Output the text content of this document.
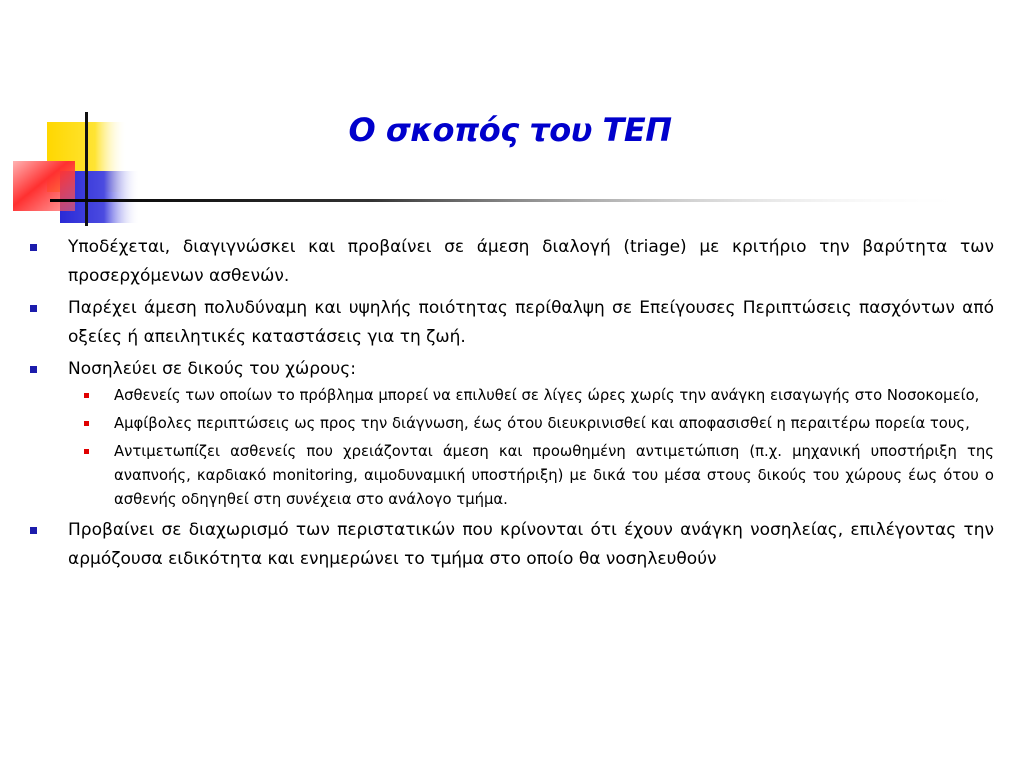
Ο σκοπός του ΤΕΠ
Υποδέχεται, διαγιγνώσκει και προβαίνει σε άμεση διαλογή (triage) με κριτήριο την βαρύτητα των προσερχόμενων ασθενών.
Παρέχει άμεση πολυδύναμη και υψηλής ποιότητας περίθαλψη σε Επείγουσες Περιπτώσεις πασχόντων από οξείες ή απειλητικές καταστάσεις για τη ζωή.
Νοσηλεύει σε δικούς του χώρους:
Ασθενείς των οποίων το πρόβλημα μπορεί να επιλυθεί σε λίγες ώρες χωρίς την ανάγκη εισαγωγής στο Νοσοκομείο,
Αμφίβολες περιπτώσεις ως προς την διάγνωση, έως ότου διευκρινισθεί και αποφασισθεί η περαιτέρω πορεία τους,
Αντιμετωπίζει ασθενείς που χρειάζονται άμεση και προωθημένη αντιμετώπιση (π.χ. μηχανική υποστήριξη της αναπνοής, καρδιακό monitoring, αιμοδυναμική υποστήριξη) με δικά του μέσα στους δικούς του χώρους έως ότου ο ασθενής οδηγηθεί στη συνέχεια στο ανάλογο τμήμα.
Προβαίνει σε διαχωρισμό των περιστατικών που κρίνονται ότι έχουν ανάγκη νοσηλείας, επιλέγοντας την αρμόζουσα ειδικότητα και ενημερώνει το τμήμα στο οποίο θα νοσηλευθούν
